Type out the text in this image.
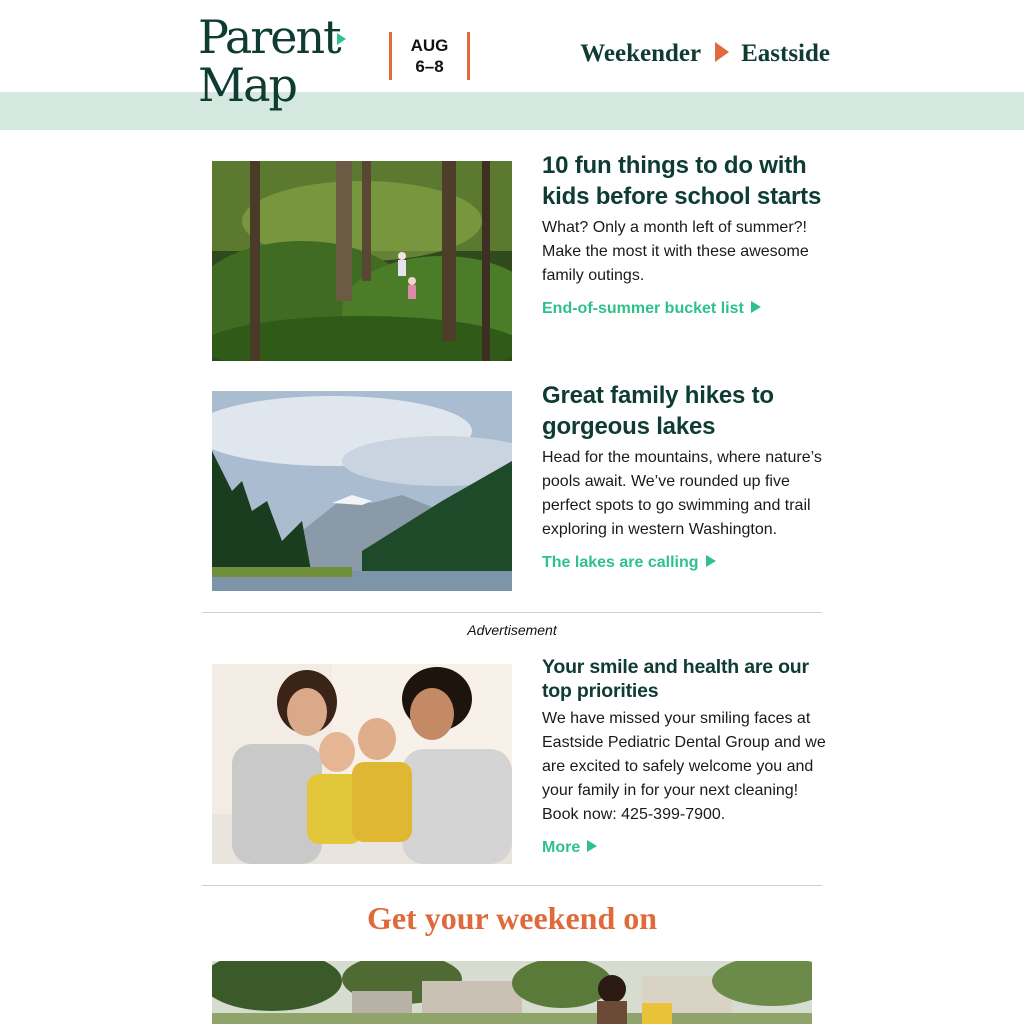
Parent
Map
AUG
6–8	Weekender Eastside
10 fun things to do with kids before school starts

What? Only a month left of summer?! Make the most it with these awesome family outings.

End-of-summer bucket list
Great family hikes to gorgeous lakes

Head for the mountains, where nature’s pools await. We’ve rounded up five perfect spots to go swimming and trail exploring in western Washington.

The lakes are calling
Advertisement
Your smile and health are our top priorities

We have missed your smiling faces at Eastside Pediatric Dental Group and we are excited to safely welcome you and your family in for your next cleaning! Book now: 425-399-7900.

More
Get your weekend on
